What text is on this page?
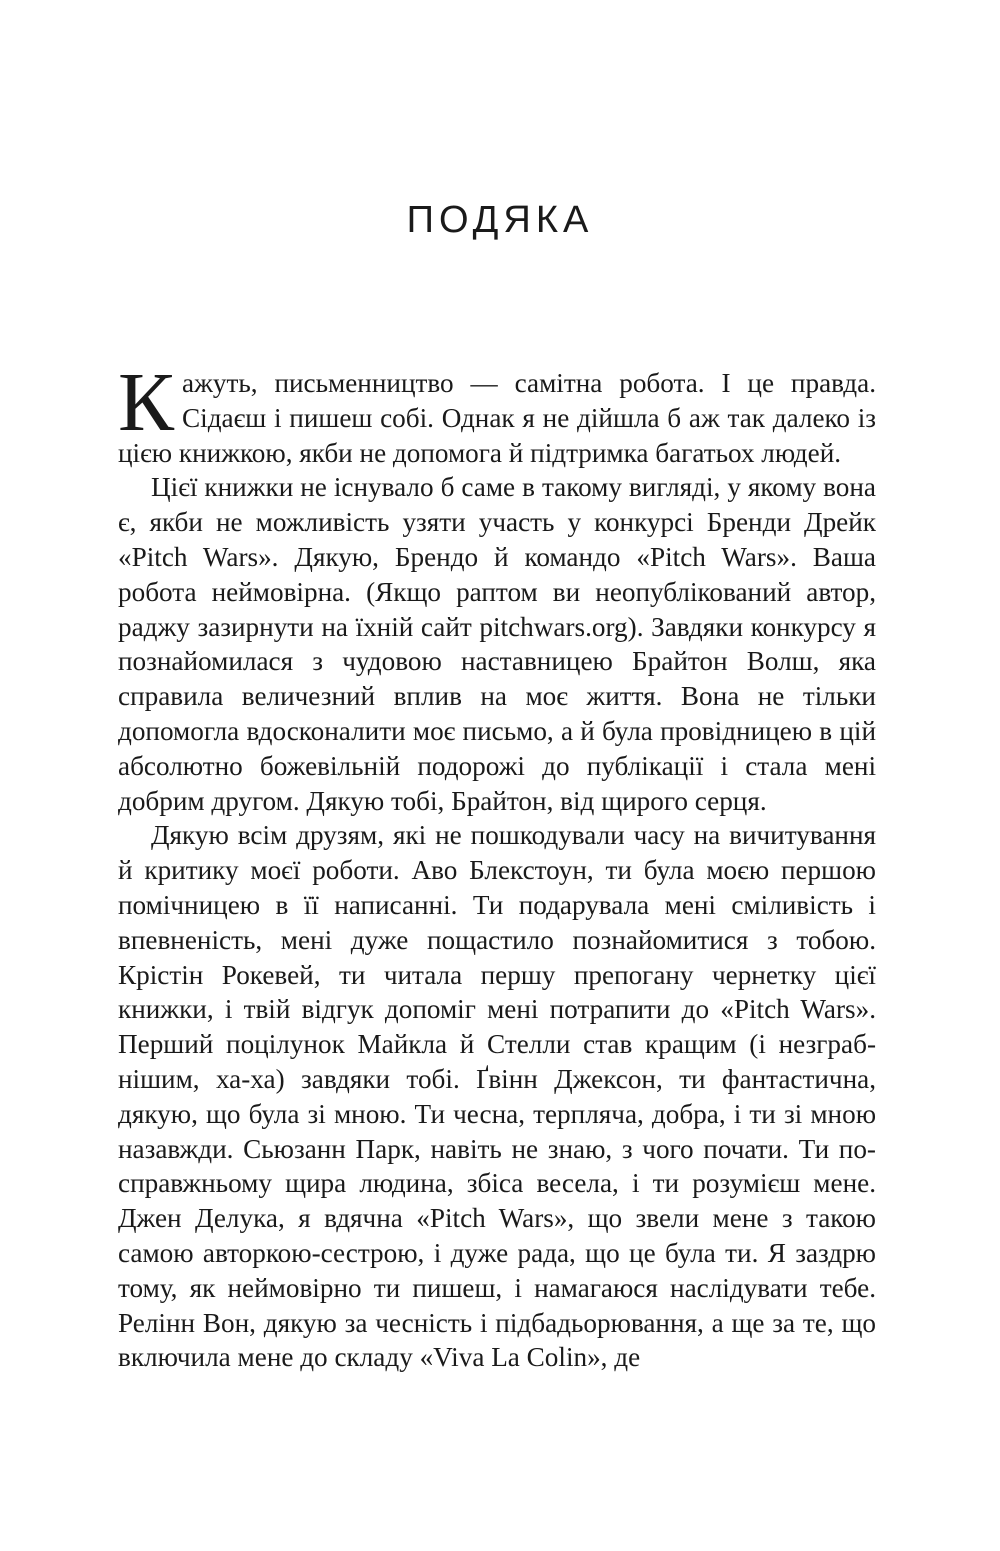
ПОДЯКА

Кажуть, письменництво — самітна робота. І це правда. Сідаєш і пишеш собі. Однак я не дійшла б аж так далеко із цією книжкою, якби не допомога й підтримка багатьох людей.

Цієї книжки не існувало б саме в такому вигляді, у якому вона є, якби не можливість узяти участь у конкурсі Бренди Дрейк «Pitch Wars». Дякую, Брендо й командо «Pitch Wars». Ваша робота неймовірна. (Якщо раптом ви неопублікований автор, раджу зазирнути на їхній сайт pitchwars.org). Завдяки конкурсу я познайомилася з чудовою наставницею Брайтон Волш, яка справила величезний вплив на моє життя. Вона не тільки допомогла вдосконалити моє письмо, а й була провідницею в цій абсолютно божевільній подорожі до публікації і стала мені добрим другом. Дякую тобі, Брайтон, від щирого серця.

Дякую всім друзям, які не пошкодували часу на вичитування й критику моєї роботи. Аво Блекстоун, ти була моєю першою помічницею в її написанні. Ти подарувала мені сміливість і впевненість, мені дуже пощастило познайомитися з тобою. Крістін Рокевей, ти читала першу препогану чернетку цієї книжки, і твій відгук допоміг мені потрапити до «Pitch Wars». Перший поцілунок Майкла й Стелли став кращим (і незграбнішим, ха-ха) завдяки тобі. Ґвінн Джексон, ти фантастична, дякую, що була зі мною. Ти чесна, терпляча, добра, і ти зі мною назавжди. Сьюзанн Парк, навіть не знаю, з чого почати. Ти по-справжньому щира людина, збіса весела, і ти розумієш мене. Джен Делука, я вдячна «Pitch Wars», що звели мене з такою самою авторкою-сестрою, і дуже рада, що це була ти. Я заздрю тому, як неймовірно ти пишеш, і намагаюся наслідувати тебе. Релінн Вон, дякую за чесність і підбадьорювання, а ще за те, що включила мене до складу «Viva La Colin», де
